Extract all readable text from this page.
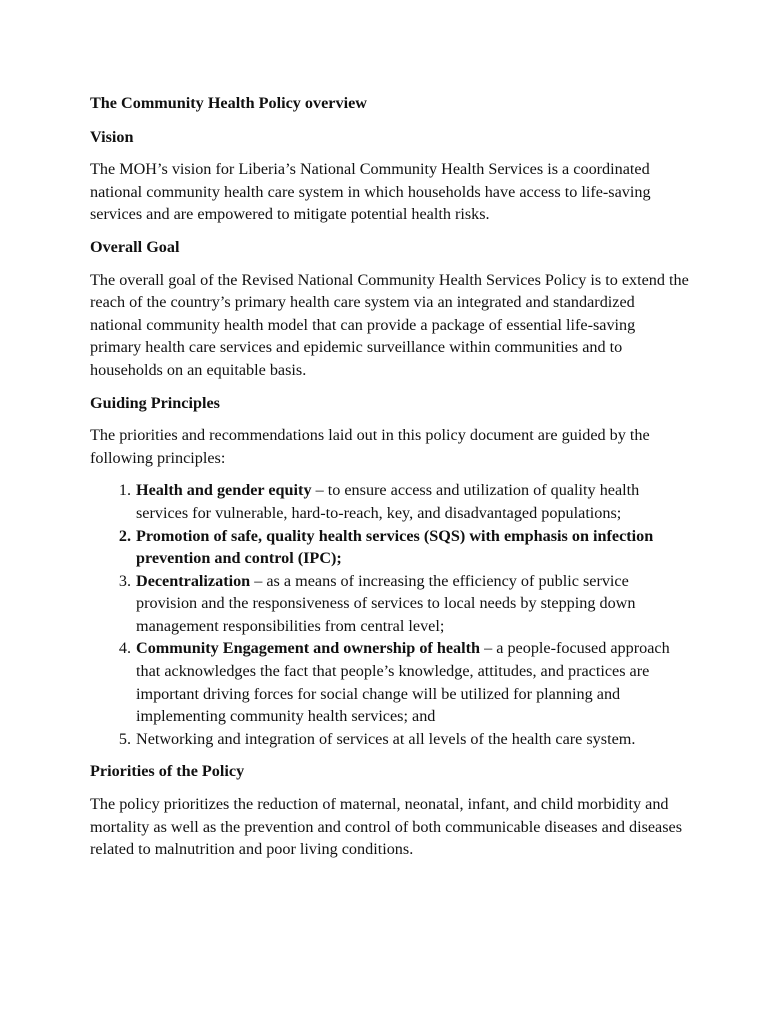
The Community Health Policy overview
Vision

The MOH’s vision for Liberia’s National Community Health Services is a coordinated national community health care system in which households have access to life-saving services and are empowered to mitigate potential health risks.

Overall Goal

The overall goal of the Revised National Community Health Services Policy is to extend the reach of the country’s primary health care system via an integrated and standardized national community health model that can provide a package of essential life-saving primary health care services and epidemic surveillance within communities and to households on an equitable basis.

Guiding Principles

The priorities and recommendations laid out in this policy document are guided by the following principles:

1. Health and gender equity – to ensure access and utilization of quality health services for vulnerable, hard-to-reach, key, and disadvantaged populations;
2. Promotion of safe, quality health services (SQS) with emphasis on infection prevention and control (IPC);
3. Decentralization – as a means of increasing the efficiency of public service provision and the responsiveness of services to local needs by stepping down management responsibilities from central level;
4. Community Engagement and ownership of health – a people-focused approach that acknowledges the fact that people’s knowledge, attitudes, and practices are important driving forces for social change will be utilized for planning and implementing community health services; and
5. Networking and integration of services at all levels of the health care system.
Priorities of the Policy

The policy prioritizes the reduction of maternal, neonatal, infant, and child morbidity and mortality as well as the prevention and control of both communicable diseases and diseases related to malnutrition and poor living conditions.
